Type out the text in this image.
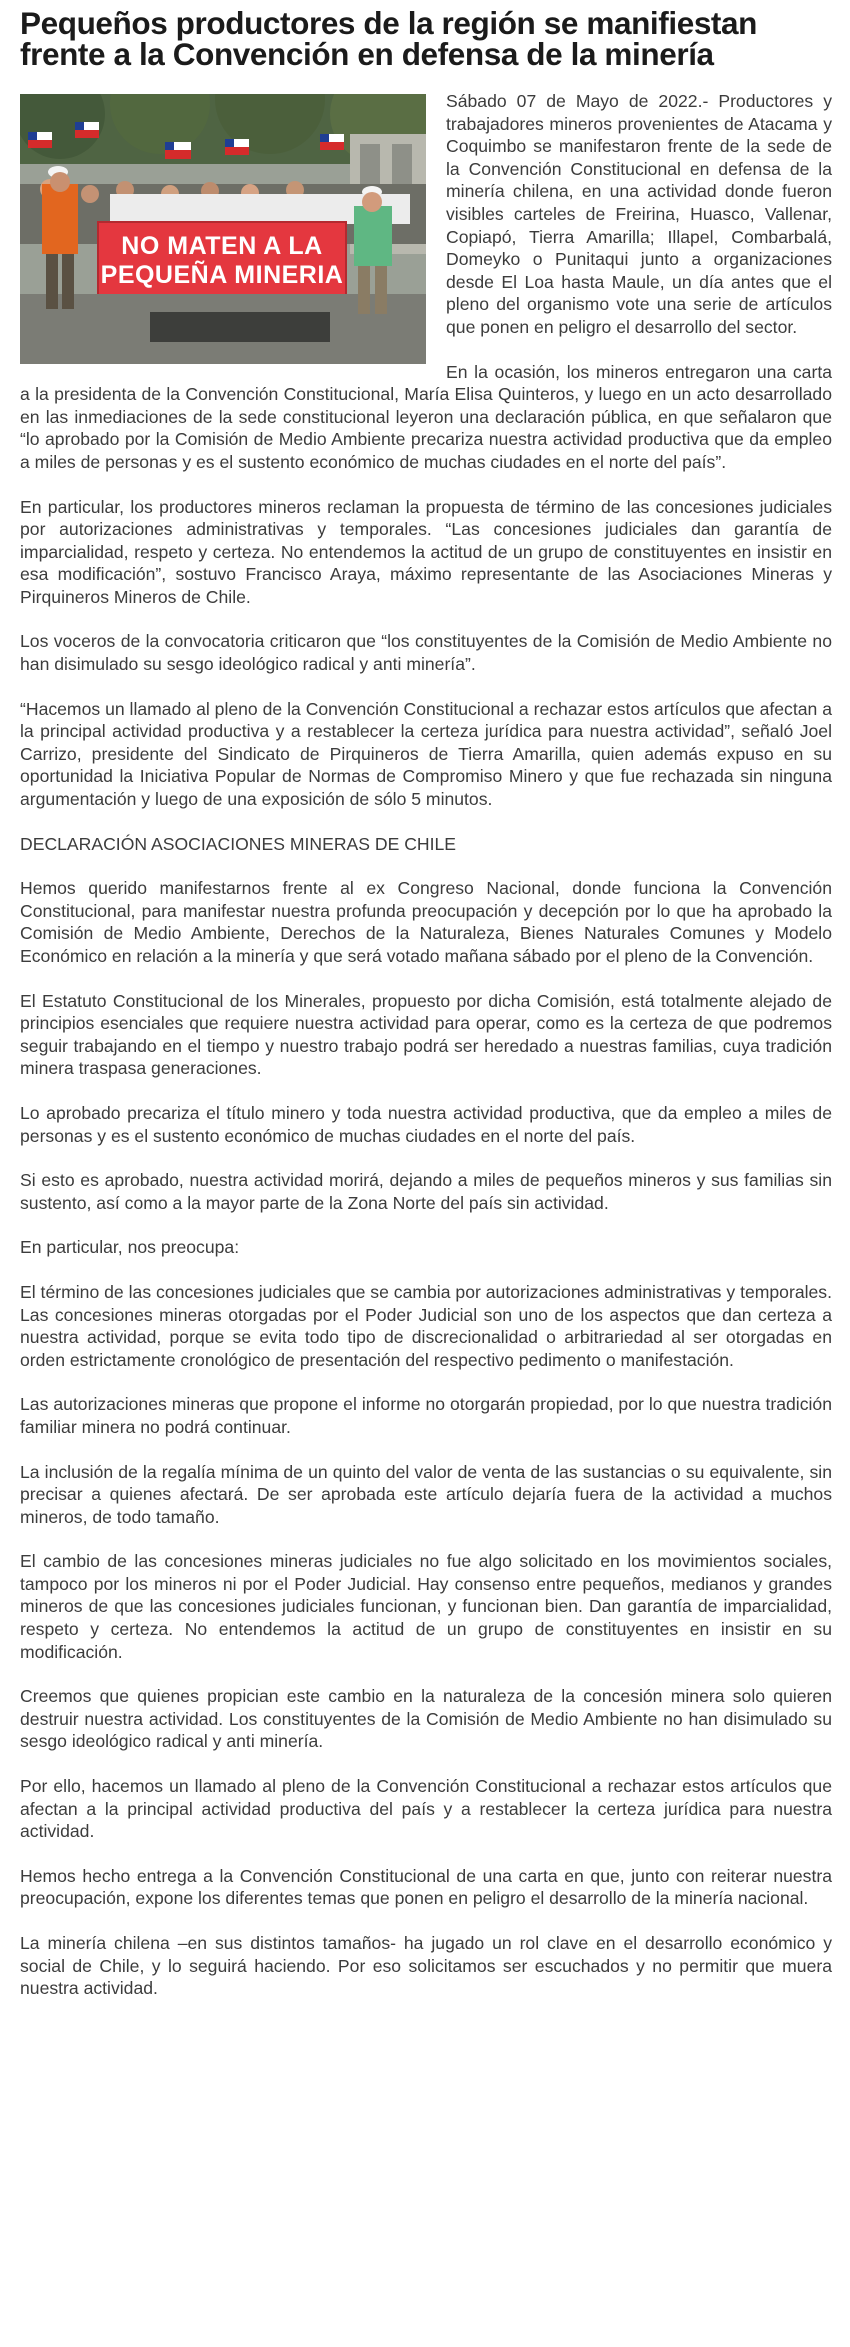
Pequeños productores de la región se manifiestan frente a la Convención en defensa de la minería
NO MATEN A LA PEQUEÑA MINERIA

Sábado 07 de Mayo de 2022.- Productores y trabajadores mineros provenientes de Atacama y Coquimbo se manifestaron frente de la sede de la Convención Constitucional en defensa de la minería chilena, en una actividad donde fueron visibles carteles de Freirina, Huasco, Vallenar, Copiapó, Tierra Amarilla; Illapel, Combarbalá, Domeyko o Punitaqui junto a organizaciones desde El Loa hasta Maule, un día antes que el pleno del organismo vote una serie de artículos que ponen en peligro el desarrollo del sector.

En la ocasión, los mineros entregaron una carta a la presidenta de la Convención Constitucional, María Elisa Quinteros, y luego en un acto desarrollado en las inmediaciones de la sede constitucional leyeron una declaración pública, en que señalaron que “lo aprobado por la Comisión de Medio Ambiente precariza nuestra actividad productiva que da empleo a miles de personas y es el sustento económico de muchas ciudades en el norte del país”.

En particular, los productores mineros reclaman la propuesta de término de las concesiones judiciales por autorizaciones administrativas y temporales. “Las concesiones judiciales dan garantía de imparcialidad, respeto y certeza. No entendemos la actitud de un grupo de constituyentes en insistir en esa modificación”, sostuvo Francisco Araya, máximo representante de las Asociaciones Mineras y Pirquineros Mineros de Chile.

Los voceros de la convocatoria criticaron que “los constituyentes de la Comisión de Medio Ambiente no han disimulado su sesgo ideológico radical y anti minería”.

“Hacemos un llamado al pleno de la Convención Constitucional a rechazar estos artículos que afectan a la principal actividad productiva y a restablecer la certeza jurídica para nuestra actividad”, señaló Joel Carrizo, presidente del Sindicato de Pirquineros de Tierra Amarilla, quien además expuso en su oportunidad la Iniciativa Popular de Normas de Compromiso Minero y que fue rechazada sin ninguna argumentación y luego de una exposición de sólo 5 minutos.

DECLARACIÓN ASOCIACIONES MINERAS DE CHILE

Hemos querido manifestarnos frente al ex Congreso Nacional, donde funciona la Convención Constitucional, para manifestar nuestra profunda preocupación y decepción por lo que ha aprobado la Comisión de Medio Ambiente, Derechos de la Naturaleza, Bienes Naturales Comunes y Modelo Económico en relación a la minería y que será votado mañana sábado por el pleno de la Convención.

El Estatuto Constitucional de los Minerales, propuesto por dicha Comisión, está totalmente alejado de principios esenciales que requiere nuestra actividad para operar, como es la certeza de que podremos seguir trabajando en el tiempo y nuestro trabajo podrá ser heredado a nuestras familias, cuya tradición minera traspasa generaciones.

Lo aprobado precariza el título minero y toda nuestra actividad productiva, que da empleo a miles de personas y es el sustento económico de muchas ciudades en el norte del país.

Si esto es aprobado, nuestra actividad morirá, dejando a miles de pequeños mineros y sus familias sin sustento, así como a la mayor parte de la Zona Norte del país sin actividad.

En particular, nos preocupa:

El término de las concesiones judiciales que se cambia por autorizaciones administrativas y temporales. Las concesiones mineras otorgadas por el Poder Judicial son uno de los aspectos que dan certeza a nuestra actividad, porque se evita todo tipo de discrecionalidad o arbitrariedad al ser otorgadas en orden estrictamente cronológico de presentación del respectivo pedimento o manifestación.

Las autorizaciones mineras que propone el informe no otorgarán propiedad, por lo que nuestra tradición familiar minera no podrá continuar.

La inclusión de la regalía mínima de un quinto del valor de venta de las sustancias o su equivalente, sin precisar a quienes afectará. De ser aprobada este artículo dejaría fuera de la actividad a muchos mineros, de todo tamaño.

El cambio de las concesiones mineras judiciales no fue algo solicitado en los movimientos sociales, tampoco por los mineros ni por el Poder Judicial. Hay consenso entre pequeños, medianos y grandes mineros de que las concesiones judiciales funcionan, y funcionan bien. Dan garantía de imparcialidad, respeto y certeza. No entendemos la actitud de un grupo de constituyentes en insistir en su modificación.

Creemos que quienes propician este cambio en la naturaleza de la concesión minera solo quieren destruir nuestra actividad. Los constituyentes de la Comisión de Medio Ambiente no han disimulado su sesgo ideológico radical y anti minería.

Por ello, hacemos un llamado al pleno de la Convención Constitucional a rechazar estos artículos que afectan a la principal actividad productiva del país y a restablecer la certeza jurídica para nuestra actividad.

Hemos hecho entrega a la Convención Constitucional de una carta en que, junto con reiterar nuestra preocupación, expone los diferentes temas que ponen en peligro el desarrollo de la minería nacional.

La minería chilena –en sus distintos tamaños- ha jugado un rol clave en el desarrollo económico y social de Chile, y lo seguirá haciendo. Por eso solicitamos ser escuchados y no permitir que muera nuestra actividad.
